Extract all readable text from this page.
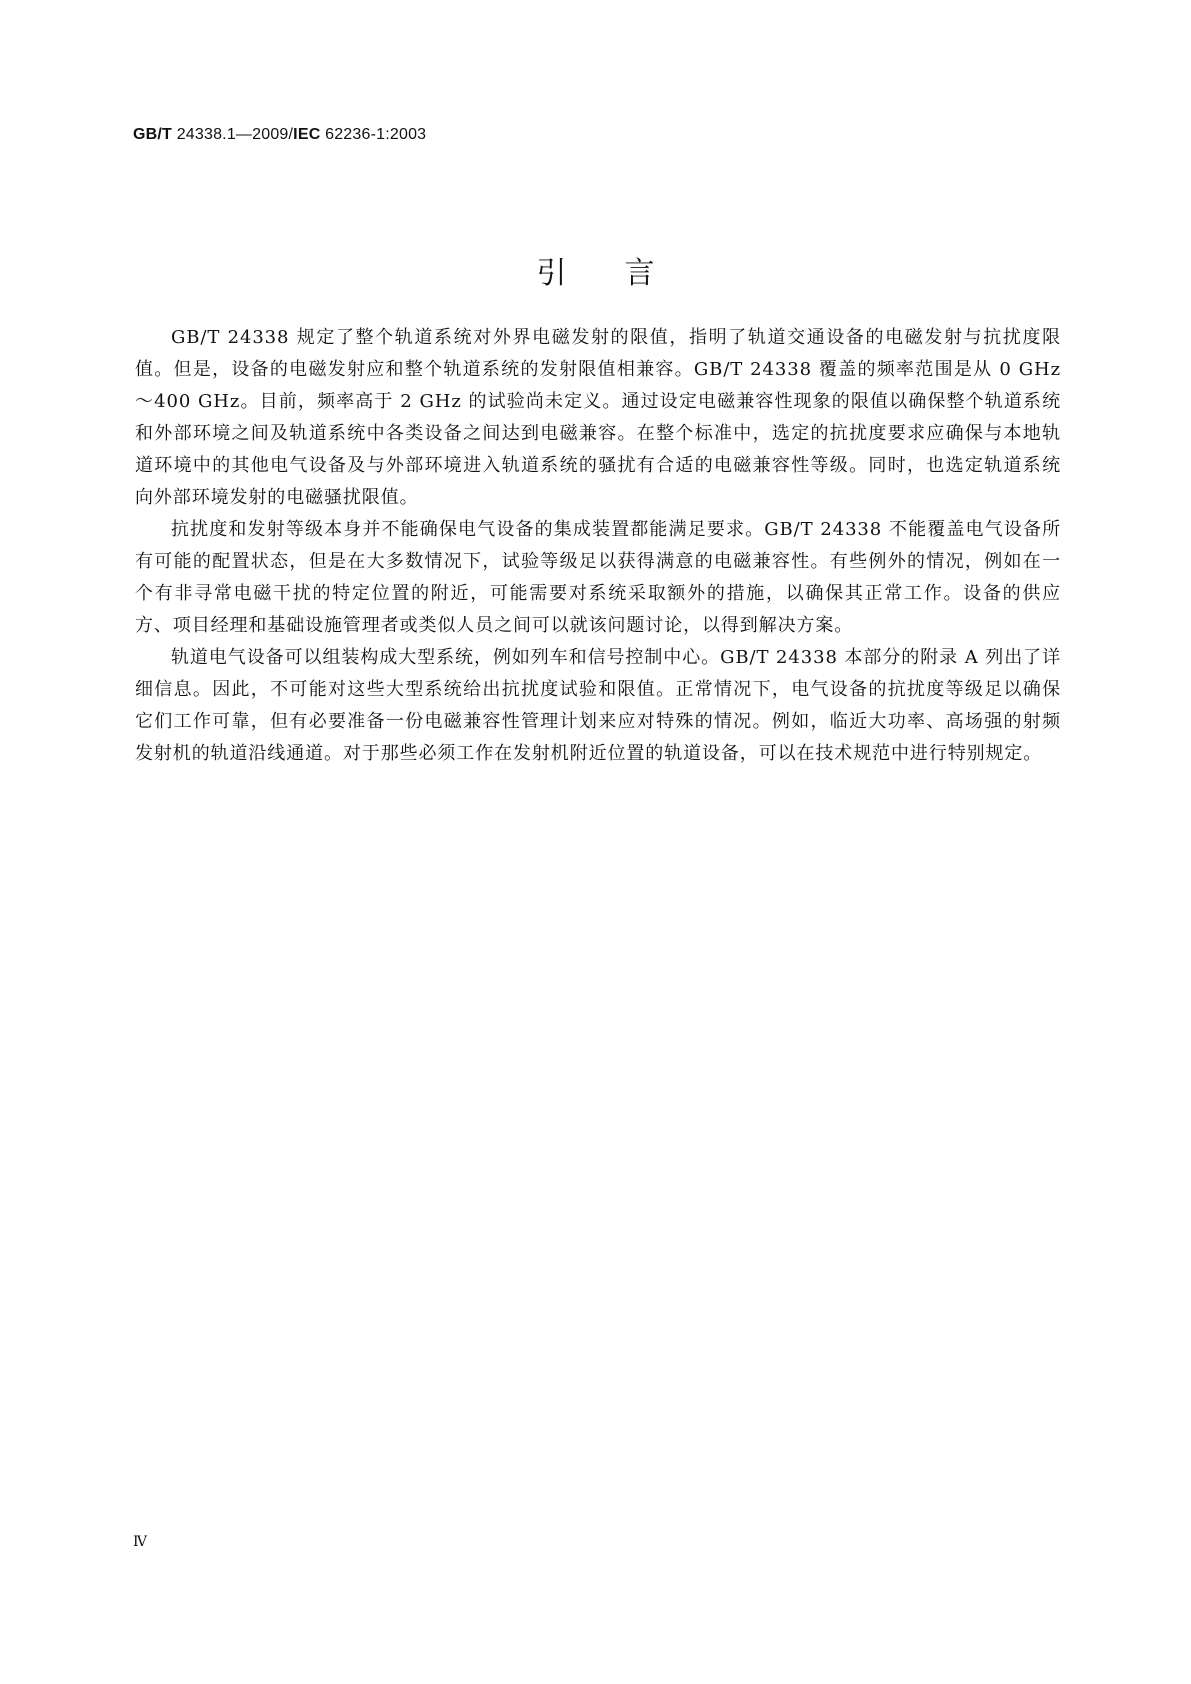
GB/T 24338.1—2009/IEC 62236-1:2003
引言

GB/T 24338 规定了整个轨道系统对外界电磁发射的限值，指明了轨道交通设备的电磁发射与抗扰度限值。但是，设备的电磁发射应和整个轨道系统的发射限值相兼容。GB/T 24338 覆盖的频率范围是从 0 GHz～400 GHz。目前，频率高于 2 GHz 的试验尚未定义。通过设定电磁兼容性现象的限值以确保整个轨道系统和外部环境之间及轨道系统中各类设备之间达到电磁兼容。在整个标准中，选定的抗扰度要求应确保与本地轨道环境中的其他电气设备及与外部环境进入轨道系统的骚扰有合适的电磁兼容性等级。同时，也选定轨道系统向外部环境发射的电磁骚扰限值。

抗扰度和发射等级本身并不能确保电气设备的集成装置都能满足要求。GB/T 24338 不能覆盖电气设备所有可能的配置状态，但是在大多数情况下，试验等级足以获得满意的电磁兼容性。有些例外的情况，例如在一个有非寻常电磁干扰的特定位置的附近，可能需要对系统采取额外的措施，以确保其正常工作。设备的供应方、项目经理和基础设施管理者或类似人员之间可以就该问题讨论，以得到解决方案。

轨道电气设备可以组装构成大型系统，例如列车和信号控制中心。GB/T 24338 本部分的附录 A 列出了详细信息。因此，不可能对这些大型系统给出抗扰度试验和限值。正常情况下，电气设备的抗扰度等级足以确保它们工作可靠，但有必要准备一份电磁兼容性管理计划来应对特殊的情况。例如，临近大功率、高场强的射频发射机的轨道沿线通道。对于那些必须工作在发射机附近位置的轨道设备，可以在技术规范中进行特别规定。

Ⅳ
